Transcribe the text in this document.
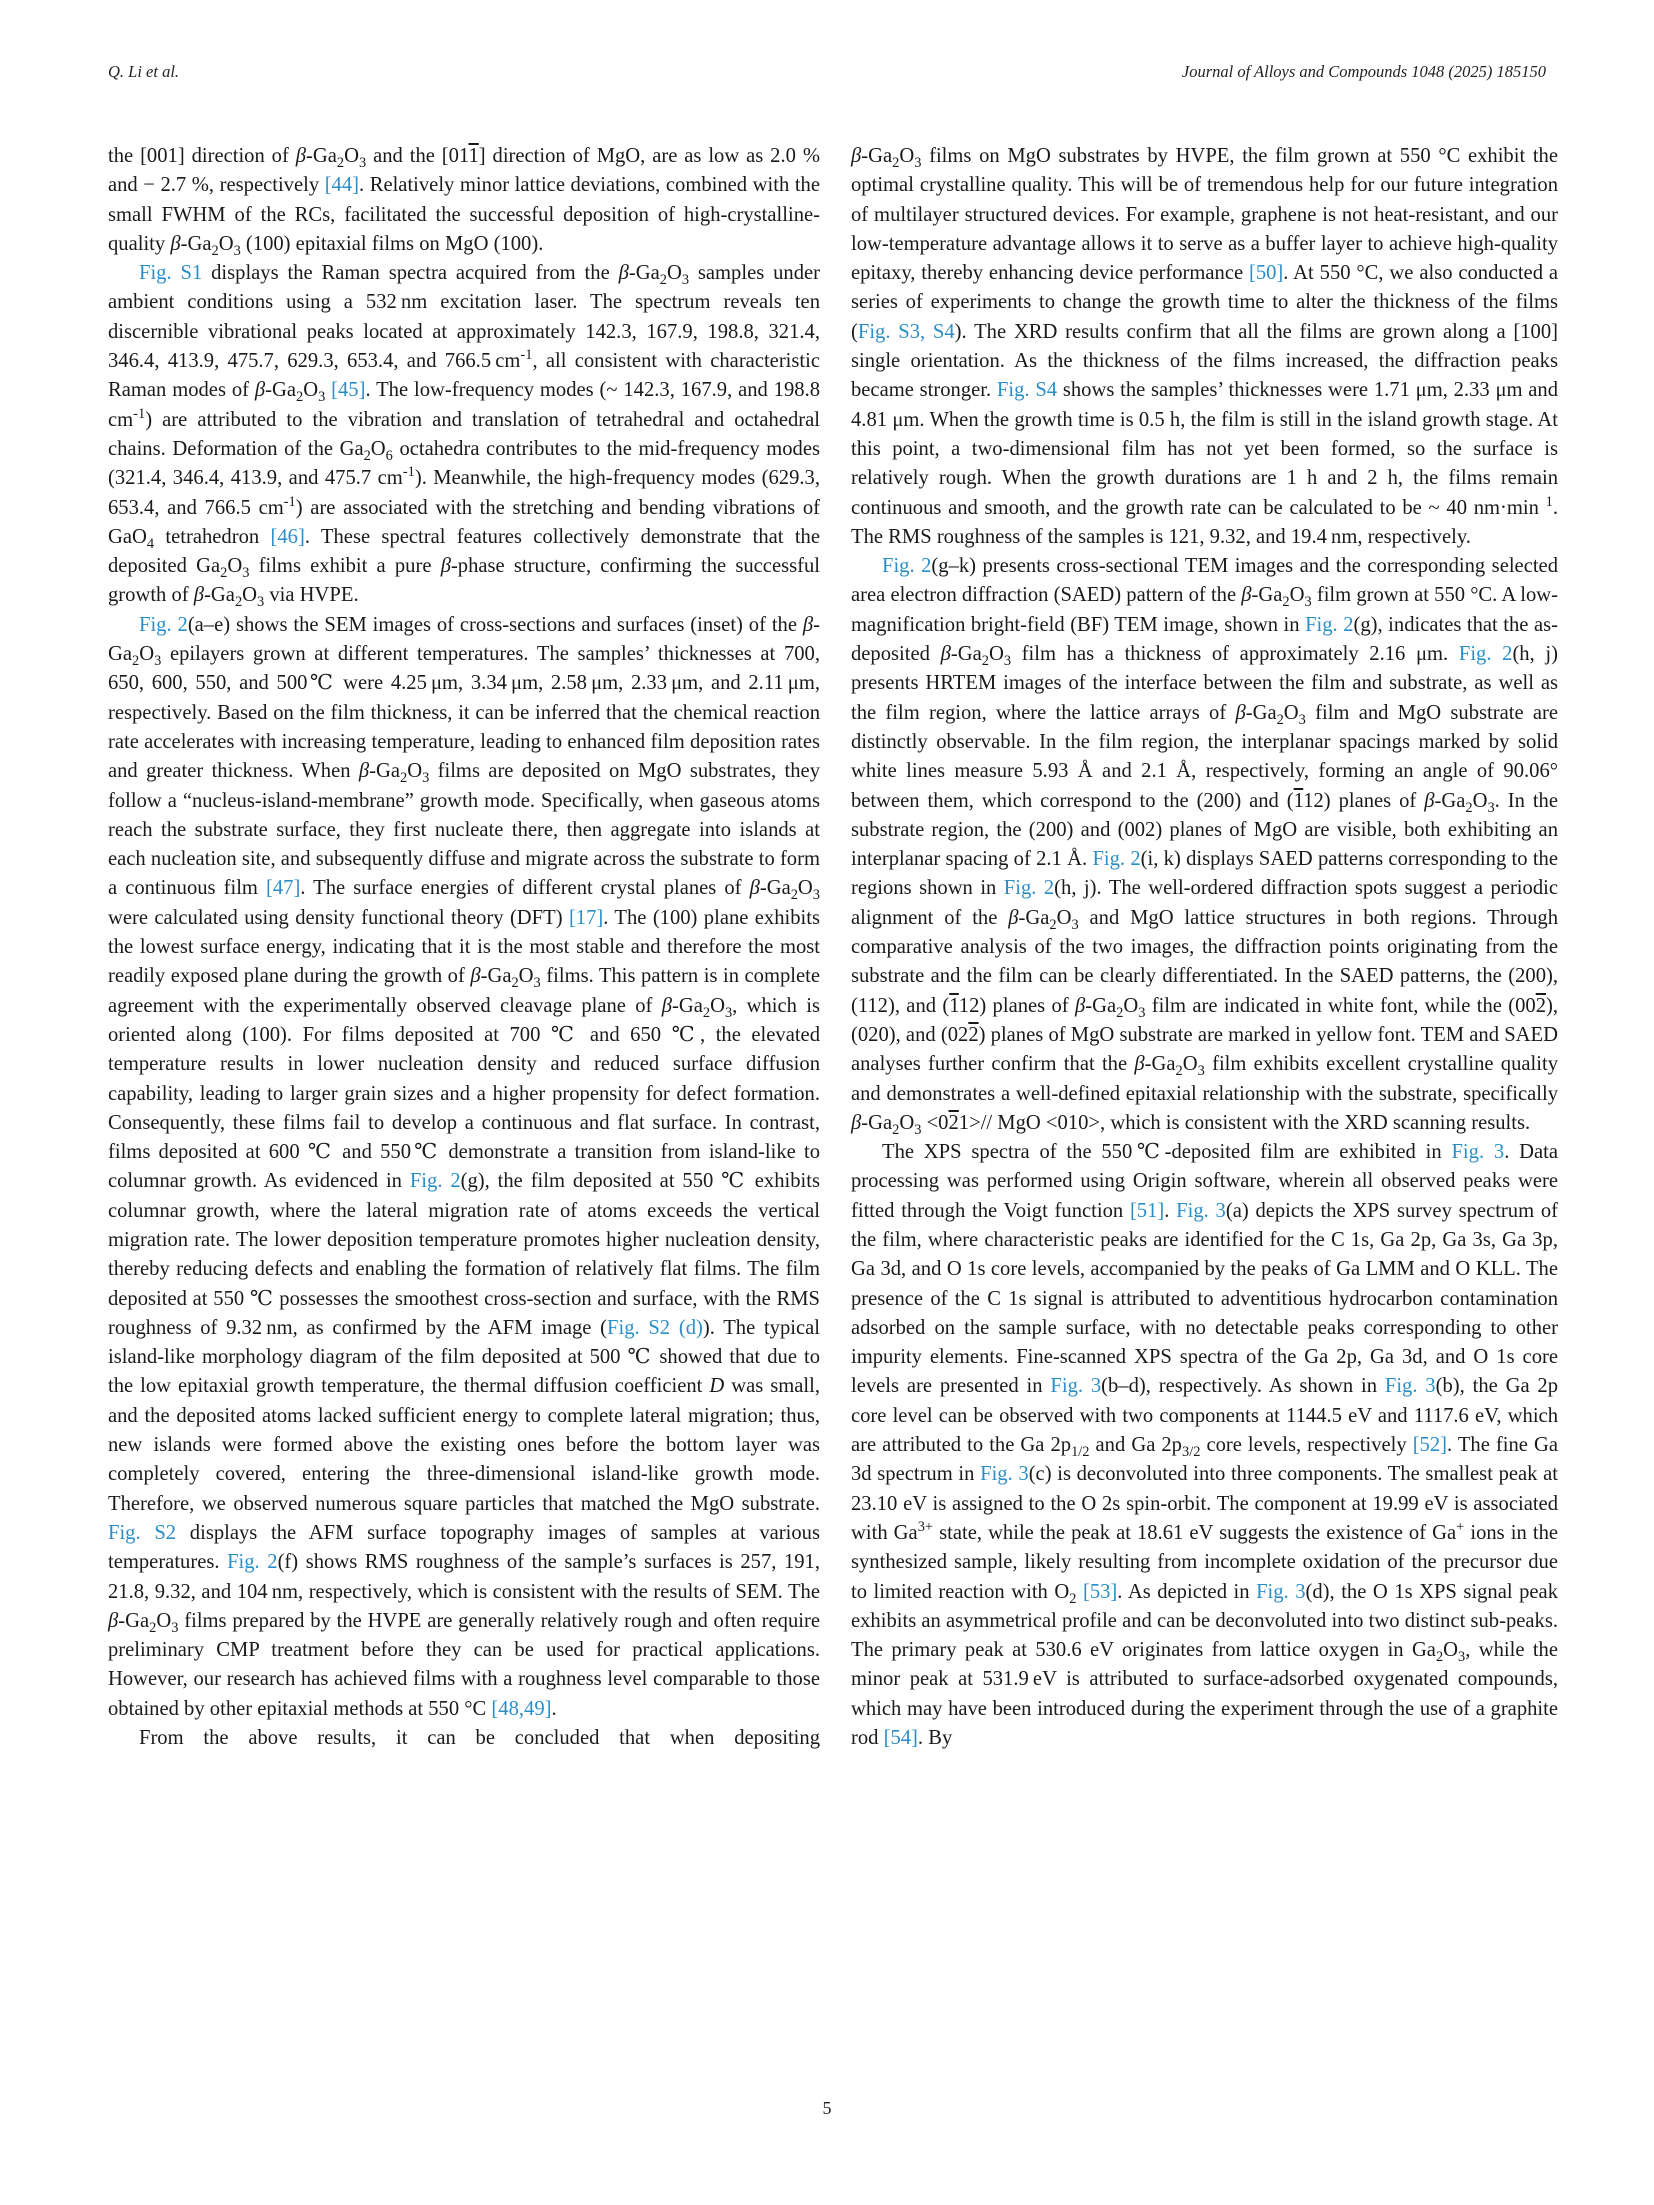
Q. Li et al.	Journal of Alloys and Compounds 1048 (2025) 185150

the [001] direction of $\beta-Ga_2O_3$ and the [011] direction of MgO, are as low as 2.0 % and − 2.7 %, respectively [44]. Relatively minor lattice deviations, combined with the small FWHM of the RCs, facilitated the successful deposition of high-crystalline-quality $\beta-Ga_2O_3$ (100) epitaxial films on MgO (100).

Fig. S1 displays the Raman spectra acquired from the $\beta-Ga_2O_3$ samples under ambient conditions using a 532 nm excitation laser. The spectrum reveals ten discernible vibrational peaks located at approximately 142.3, 167.9, 198.8, 321.4, 346.4, 413.9, 475.7, 629.3, 653.4, and 766.5 $cm^{-1}$, all consistent with characteristic Raman modes of $\beta-Ga_2O_3$ [45]. The low-frequency modes (~ 142.3, 167.9, and 198.8 $cm^{-1}$) are attributed to the vibration and translation of tetrahedral and octahedral chains. Deformation of the $Ga_2O_6$ octahedra contributes to the mid-frequency modes (321.4, 346.4, 413.9, and 475.7 $cm^{-1}$). Meanwhile, the high-frequency modes (629.3, 653.4, and 766.5 $cm^{-1}$) are associated with the stretching and bending vibrations of GaO$_4$ tetrahedron [46]. These spectral features collectively demonstrate that the deposited $Ga_2O_3$ films exhibit a pure β-phase structure, confirming the successful growth of $\beta-Ga_2O_3$ via HVPE.

Fig. 2(a–e) shows the SEM images of cross-sections and surfaces (inset) of the $\beta-Ga_2O_3$ epilayers grown at different temperatures. The samples’ thicknesses at 700, 650, 600, 550, and 500℃ were 4.25 μm, 3.34 μm, 2.58 μm, 2.33 μm, and 2.11 μm, respectively. Based on the film thickness, it can be inferred that the chemical reaction rate accelerates with increasing temperature, leading to enhanced film deposition rates and greater thickness. When $\beta-Ga_2O_3$ films are deposited on MgO substrates, they follow a “nucleus-island-membrane” growth mode. Specifically, when gaseous atoms reach the substrate surface, they first nucleate there, then aggregate into islands at each nucleation site, and subsequently diffuse and migrate across the substrate to form a continuous film [47]. The surface energies of different crystal planes of $\beta-Ga_2O_3$ were calculated using density functional theory (DFT) [17]. The (100) plane exhibits the lowest surface energy, indicating that it is the most stable and therefore the most readily exposed plane during the growth of $\beta-Ga_2O_3$ films. This pattern is in complete agreement with the experimentally observed cleavage plane of $\beta-Ga_2O_3$, which is oriented along (100). For films deposited at 700 ℃ and 650 ℃, the elevated temperature results in lower nucleation density and reduced surface diffusion capability, leading to larger grain sizes and a higher propensity for defect formation. Consequently, these films fail to develop a continuous and flat surface. In contrast, films deposited at 600 ℃ and 550℃ demonstrate a transition from island-like to columnar growth. As evidenced in Fig. 2(g), the film deposited at 550 ℃ exhibits columnar growth, where the lateral migration rate of atoms exceeds the vertical migration rate. The lower deposition temperature promotes higher nucleation density, thereby reducing defects and enabling the formation of relatively flat films. The film deposited at 550 ℃ possesses the smoothest cross-section and surface, with the RMS roughness of 9.32 nm, as confirmed by the AFM image (Fig. S2 (d)). The typical island-like morphology diagram of the film deposited at 500 ℃ showed that due to the low epitaxial growth temperature, the thermal diffusion coefficient D was small, and the deposited atoms lacked sufficient energy to complete lateral migration; thus, new islands were formed above the existing ones before the bottom layer was completely covered, entering the three-dimensional island-like growth mode. Therefore, we observed numerous square particles that matched the MgO substrate. Fig. S2 displays the AFM surface topography images of samples at various temperatures. Fig. 2(f) shows RMS roughness of the sample’s surfaces is 257, 191, 21.8, 9.32, and 104 nm, respectively, which is consistent with the results of SEM. The $\beta-Ga_2O_3$ films prepared by the HVPE are generally relatively rough and often require preliminary CMP treatment before they can be used for practical applications. However, our research has achieved films with a roughness level comparable to those obtained by other epitaxial methods at 550 °C [48,49].

From the above results, it can be concluded that when depositing

$\beta-Ga_2O_3$ films on MgO substrates by HVPE, the film grown at 550 °C exhibit the optimal crystalline quality. This will be of tremendous help for our future integration of multilayer structured devices. For example, graphene is not heat-resistant, and our low-temperature advantage allows it to serve as a buffer layer to achieve high-quality epitaxy, thereby enhancing device performance [50]. At 550 °C, we also conducted a series of experiments to change the growth time to alter the thickness of the films (Fig. S3, S4). The XRD results confirm that all the films are grown along a [100] single orientation. As the thickness of the films increased, the diffraction peaks became stronger. Fig. S4 shows the samples’ thicknesses were 1.71 μm, 2.33 μm and 4.81 μm. When the growth time is 0.5 h, the film is still in the island growth stage. At this point, a two-dimensional film has not yet been formed, so the surface is relatively rough. When the growth durations are 1 h and 2 h, the films remain continuous and smooth, and the growth rate can be calculated to be ~ 40 nm·min $^1$. The RMS roughness of the samples is 121, 9.32, and 19.4 nm, respectively.

Fig. 2(g–k) presents cross-sectional TEM images and the corresponding selected area electron diffraction (SAED) pattern of the $\beta-Ga_2O_3$ film grown at 550 °C. A low-magnification bright-field (BF) TEM image, shown in Fig. 2(g), indicates that the as-deposited $\beta-Ga_2O_3$ film has a thickness of approximately 2.16 μm. Fig. 2(h, j) presents HRTEM images of the interface between the film and substrate, as well as the film region, where the lattice arrays of $\beta-Ga_2O_3$ film and MgO substrate are distinctly observable. In the film region, the interplanar spacings marked by solid white lines measure 5.93 Å and 2.1 Å, respectively, forming an angle of 90.06° between them, which correspond to the (200) and (112) planes of $\beta-Ga_2O_3$. In the substrate region, the (200) and (002) planes of MgO are visible, both exhibiting an interplanar spacing of 2.1 Å. Fig. 2(i, k) displays SAED patterns corresponding to the regions shown in Fig. 2(h, j). The well-ordered diffraction spots suggest a periodic alignment of the $\beta-Ga_2O_3$ and MgO lattice structures in both regions. Through comparative analysis of the two images, the diffraction points originating from the substrate and the film can be clearly differentiated. In the SAED patterns, the (200), (112), and (112) planes of $\beta-Ga_2O_3$ film are indicated in white font, while the (002), (020), and (022) planes of MgO substrate are marked in yellow font. TEM and SAED analyses further confirm that the $\beta-Ga_2O_3$ film exhibits excellent crystalline quality and demonstrates a well-defined epitaxial relationship with the substrate, specifically $\beta-Ga_2O_3 <021>//$ MgO <010>, which is consistent with the XRD scanning results.

The XPS spectra of the 550℃-deposited film are exhibited in Fig. 3. Data processing was performed using Origin software, wherein all observed peaks were fitted through the Voigt function [51]. Fig. 3(a) depicts the XPS survey spectrum of the film, where characteristic peaks are identified for the C 1s, Ga 2p, Ga 3s, Ga 3p, Ga 3d, and O 1s core levels, accompanied by the peaks of Ga LMM and O KLL. The presence of the C 1s signal is attributed to adventitious hydrocarbon contamination adsorbed on the sample surface, with no detectable peaks corresponding to other impurity elements. Fine-scanned XPS spectra of the Ga 2p, Ga 3d, and O 1s core levels are presented in Fig. 3(b–d), respectively. As shown in Fig. 3(b), the Ga 2p core level can be observed with two components at 1144.5 eV and 1117.6 eV, which are attributed to the Ga $2p_{1/2}$ and Ga $2p_{3/2}$ core levels, respectively [52]. The fine Ga 3d spectrum in Fig. 3(c) is deconvoluted into three components. The smallest peak at 23.10 eV is assigned to the O 2s spin-orbit. The component at 19.99 eV is associated with $Ga^{3+}$ state, while the peak at 18.61 eV suggests the existence of Ga+ ions in the synthesized sample, likely resulting from incomplete oxidation of the precursor due to limited reaction with $O_2$ [53]. As depicted in Fig. 3(d), the O 1s XPS signal peak exhibits an asymmetrical profile and can be deconvoluted into two distinct sub-peaks. The primary peak at 530.6 eV originates from lattice oxygen in $Ga_2O_3$, while the minor peak at 531.9 eV is attributed to surface-adsorbed oxygenated compounds, which may have been introduced during the experiment through the use of a graphite rod [54]. By

5
